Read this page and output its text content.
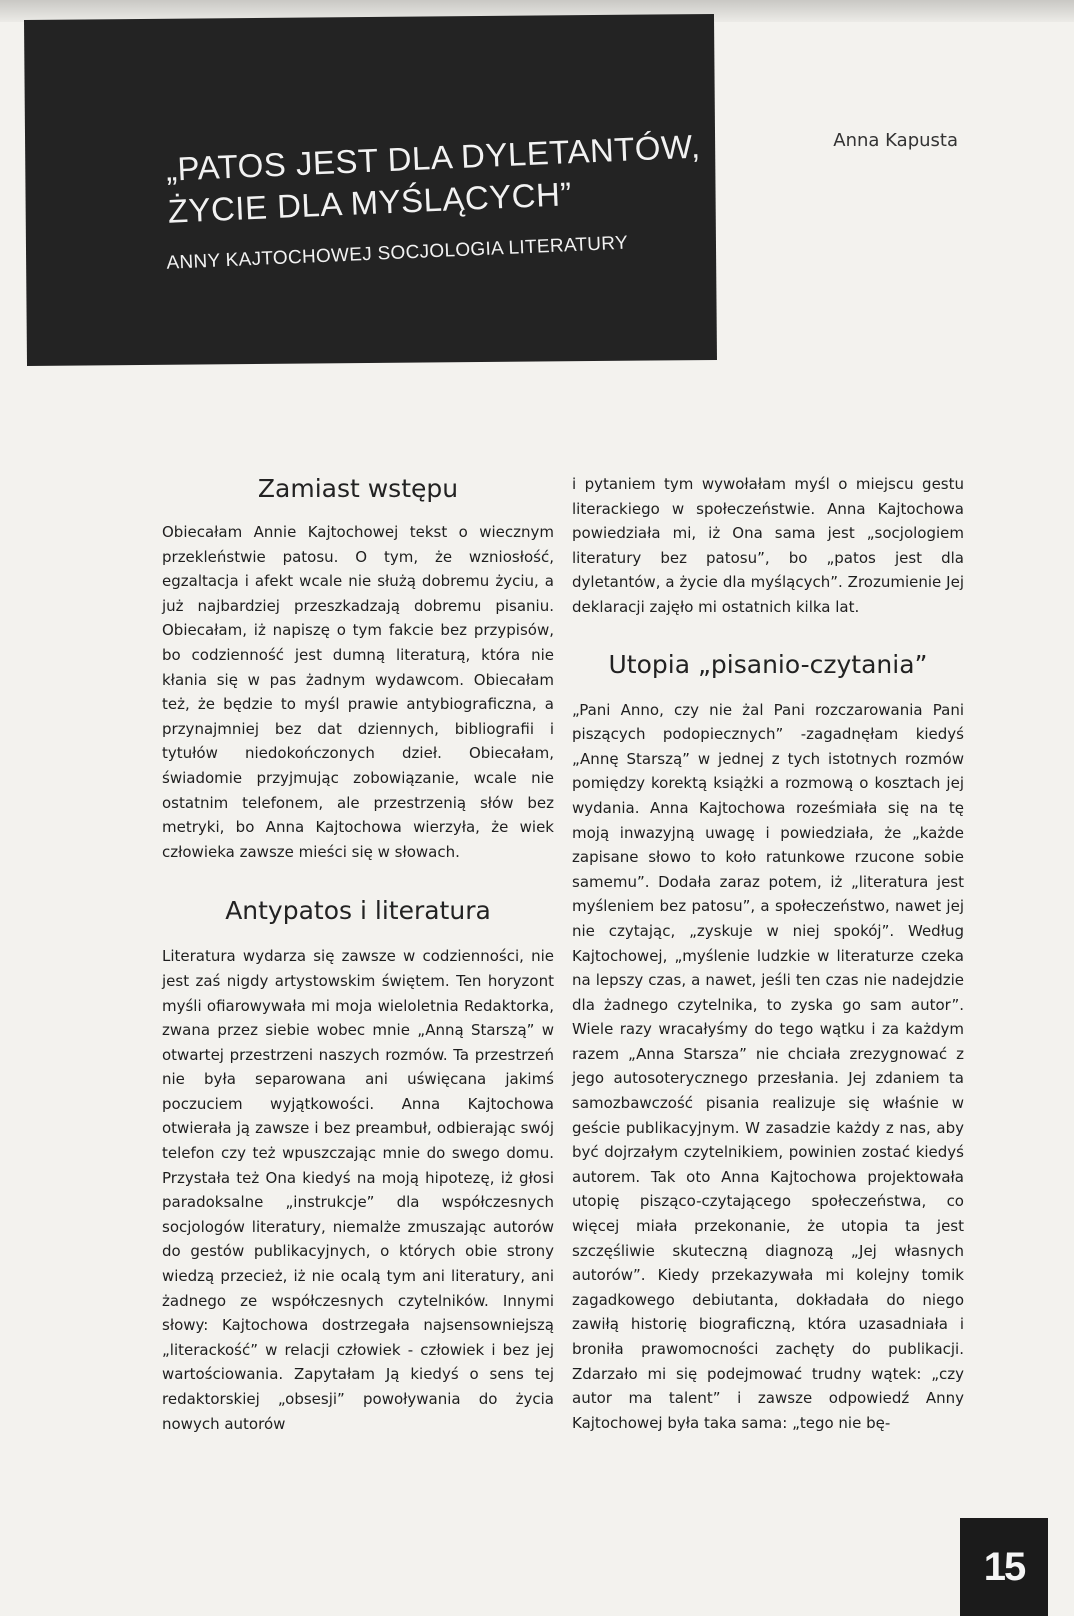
„PATOS JEST DLA DYLETANTÓW,
ŻYCIE DLA MYŚLĄCYCH”
ANNY KAJTOCHOWEJ SOCJOLOGIA LITERATURY
Anna Kapusta
Zamiast wstępu

Obiecałam Annie Kajtochowej tekst o wiecznym przekleństwie patosu. O tym, że wzniosłość, egzaltacja i afekt wcale nie służą dobremu życiu, a już najbardziej przeszkadzają dobremu pisaniu. Obiecałam, iż napiszę o tym fakcie bez przypisów, bo codzienność jest dumną literaturą, która nie kłania się w pas żadnym wydawcom. Obiecałam też, że będzie to myśl prawie antybiograficzna, a przynajmniej bez dat dziennych, bibliografii i tytułów niedokończonych dzieł. Obiecałam, świadomie przyjmując zobowiązanie, wcale nie ostatnim telefonem, ale przestrzenią słów bez metryki, bo Anna Kajtochowa wierzyła, że wiek człowieka zawsze mieści się w słowach.

Antypatos i literatura

Literatura wydarza się zawsze w codzienności, nie jest zaś nigdy artystowskim świętem. Ten horyzont myśli ofiarowywała mi moja wieloletnia Redaktorka, zwana przez siebie wobec mnie „Anną Starszą” w otwartej przestrzeni naszych rozmów. Ta przestrzeń nie była separowana ani uświęcana jakimś poczuciem wyjątkowości. Anna Kajtochowa otwierała ją zawsze i bez preambuł, odbierając swój telefon czy też wpuszczając mnie do swego domu. Przystała też Ona kiedyś na moją hipotezę, iż głosi paradoksalne „instrukcje” dla współczesnych socjologów literatury, niemalże zmuszając autorów do gestów publikacyjnych, o których obie strony wiedzą przecież, iż nie ocalą tym ani literatury, ani żadnego ze współczesnych czytelników. Innymi słowy: Kajtochowa dostrzegała najsensowniejszą „literackość” w relacji człowiek - człowiek i bez jej wartościowania. Zapytałam Ją kiedyś o sens tej redaktorskiej „obsesji” powoływania do życia nowych autorów

i pytaniem tym wywołałam myśl o miejscu gestu literackiego w społeczeństwie. Anna Kajtochowa powiedziała mi, iż Ona sama jest „socjologiem literatury bez patosu”, bo „patos jest dla dyletantów, a życie dla myślących”. Zrozumienie Jej deklaracji zajęło mi ostatnich kilka lat.

Utopia „pisanio-czytania”

„Pani Anno, czy nie żal Pani rozczarowania Pani piszących podopiecznych” -zagadnęłam kiedyś „Annę Starszą” w jednej z tych istotnych rozmów pomiędzy korektą książki a rozmową o kosztach jej wydania. Anna Kajtochowa roześmiała się na tę moją inwazyjną uwagę i powiedziała, że „każde zapisane słowo to koło ratunkowe rzucone sobie samemu”. Dodała zaraz potem, iż „literatura jest myśleniem bez patosu”, a społeczeństwo, nawet jej nie czytając, „zyskuje w niej spokój”. Według Kajtochowej, „myślenie ludzkie w literaturze czeka na lepszy czas, a nawet, jeśli ten czas nie nadejdzie dla żadnego czytelnika, to zyska go sam autor”. Wiele razy wracałyśmy do tego wątku i za każdym razem „Anna Starsza” nie chciała zrezygnować z jego autosoterycznego przesłania. Jej zdaniem ta samozbawczość pisania realizuje się właśnie w geście publikacyjnym. W zasadzie każdy z nas, aby być dojrzałym czytelnikiem, powinien zostać kiedyś autorem. Tak oto Anna Kajtochowa projektowała utopię pisząco-czytającego społeczeństwa, co więcej miała przekonanie, że utopia ta jest szczęśliwie skuteczną diagnozą „Jej własnych autorów”. Kiedy przekazywała mi kolejny tomik zagadkowego debiutanta, dokładała do niego zawiłą historię biograficzną, która uzasadniała i broniła prawomocności zachęty do publikacji. Zdarzało mi się podejmować trudny wątek: „czy autor ma talent” i zawsze odpowiedź Anny Kajtochowej była taka sama: „tego nie bę-

15
